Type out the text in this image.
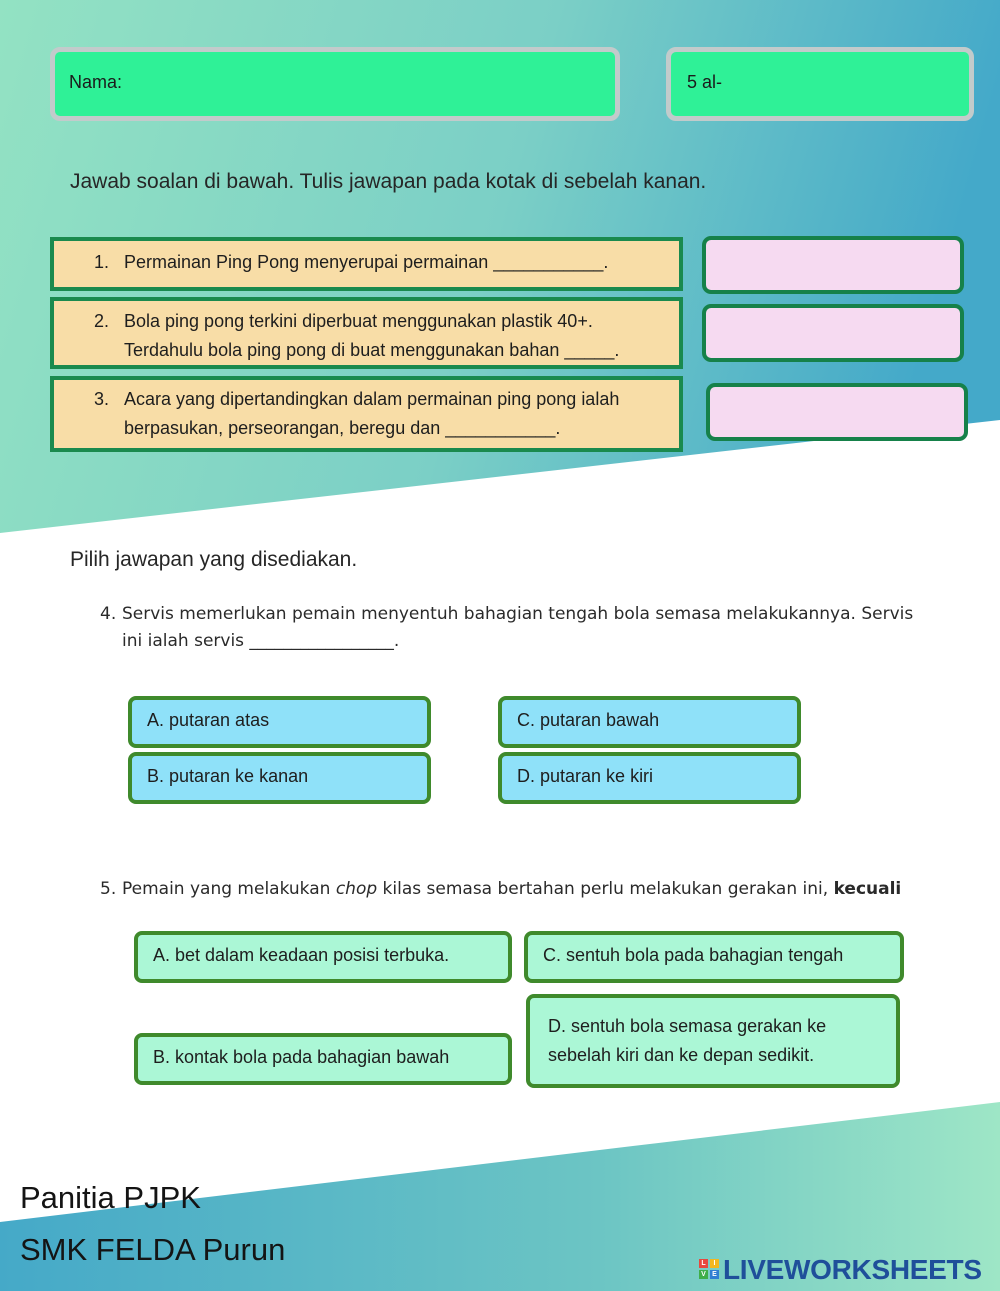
Nama:	5 al-
Jawab soalan di bawah. Tulis jawapan pada kotak di sebelah kanan.
1. Permainan Ping Pong menyerupai permainan ___________.
2. Bola ping pong terkini diperbuat menggunakan plastik 40+.
Terdahulu bola ping pong di buat menggunakan bahan _____.
3. Acara yang dipertandingkan dalam permainan ping pong ialah
berpasukan, perseorangan, beregu dan ___________.
Pilih jawapan yang disediakan.
4. Servis memerlukan pemain menyentuh bahagian tengah bola semasa melakukannya. Servis
ini ialah servis _________________.
A. putaran atas	C. putaran bawah
B. putaran ke kanan	D. putaran ke kiri
5. Pemain yang melakukan chop kilas semasa bertahan perlu melakukan gerakan ini, kecuali
A. bet dalam keadaan posisi terbuka.	C. sentuh bola pada bahagian tengah
B. kontak bola pada bahagian bawah
D. sentuh bola semasa gerakan ke
sebelah kiri dan ke depan sedikit.
Panitia PJPK
SMK FELDA Purun	L	I
V E LIVEWORKSHEETS
